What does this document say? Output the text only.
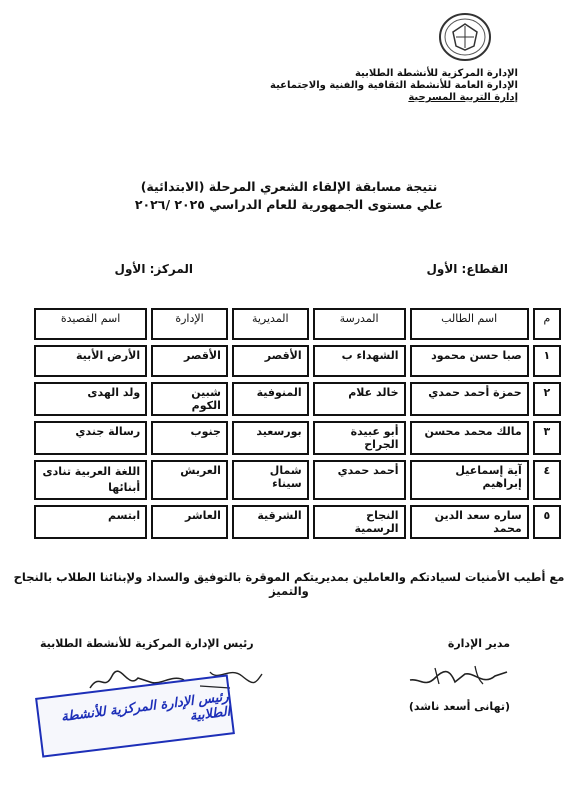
الإدارة المركزية للأنشطة الطلابية
الإدارة العامة للأنشطة الثقافية والفنية والاجتماعية
إدارة التربية المسرحية
نتيجة مسابقة الإلقاء الشعري المرحلة (الابتدائية)
علي مستوى الجمهورية للعام الدراسي ٢٠٢٥ /٢٠٢٦
القطاع: الأول
المركز: الأول
م	اسم الطالب	المدرسة	المديرية	الإدارة	اسم القصيدة
١	صبا حسن محمود	الشهداء ب	الأقصر	الأقصر	الأرض الأبية
٢	حمزة أحمد حمدي	خالد علام	المنوفية	شبين الكوم	ولد الهدى
٣	مالك محمد محسن	أبو عبيدة الجراح	بورسعيد	جنوب	رسالة جندي
٤	آية إسماعيل إبراهيم	أحمد حمدي	شمال سيناء	العريش	اللغة العربية تنادى أبنائها
٥	ساره سعد الدين محمد	النجاح الرسمية	الشرقية	العاشر	ابتسم
مع أطيب الأمنيات لسيادتكم والعاملين بمديريتكم الموقرة بالتوفيق والسداد ولإبنائنا الطلاب بالنجاح والتميز
مدير الإدارة
رئيس الإدارة المركزية للأنشطة الطلابية
(تهانى أسعد ناشد)
رئيس الإدارة المركزية للأنشطة الطلابية
